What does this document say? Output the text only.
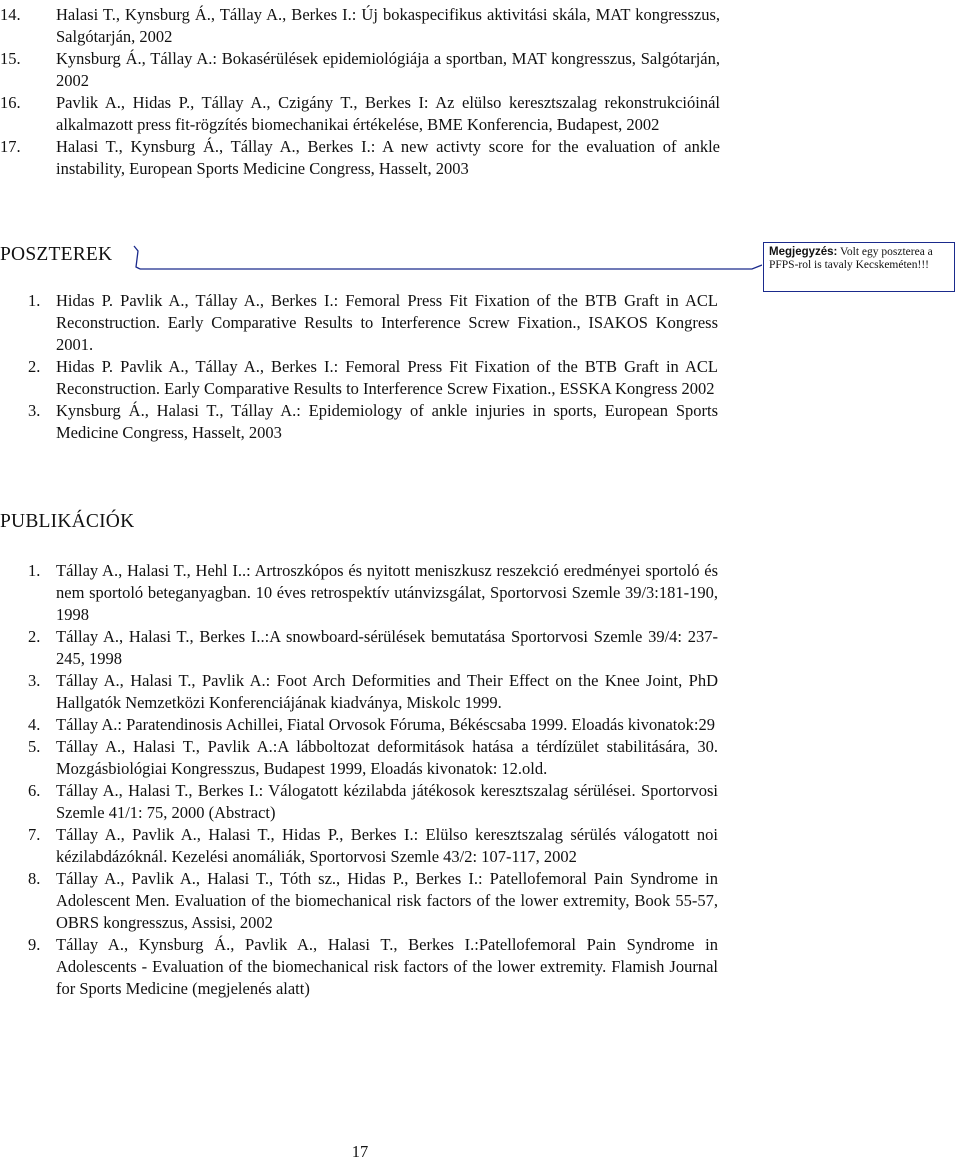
14. Halasi T., Kynsburg Á., Tállay A., Berkes I.: Új bokaspecifikus aktivitási skála, MAT kongresszus, Salgótarján, 2002
15. Kynsburg Á., Tállay A.: Bokasérülések epidemiológiája a sportban, MAT kongresszus, Salgótarján, 2002
16. Pavlik A., Hidas P., Tállay A., Czigány T., Berkes I: Az elülso keresztszalag rekonstrukcióinál alkalmazott press fit-rögzítés biomechanikai értékelése, BME Konferencia, Budapest, 2002
17. Halasi T., Kynsburg Á., Tállay A., Berkes I.: A new activty score for the evaluation of ankle instability, European Sports Medicine Congress, Hasselt, 2003
POSZTEREK	Megjegyzés: Volt egy poszterea a PFPS-rol is tavaly Kecskeméten!!!
1. Hidas P. Pavlik A., Tállay A., Berkes I.: Femoral Press Fit Fixation of the BTB Graft in ACL Reconstruction. Early Comparative Results to Interference Screw Fixation., ISAKOS Kongress 2001.
2. Hidas P. Pavlik A., Tállay A., Berkes I.: Femoral Press Fit Fixation of the BTB Graft in ACL Reconstruction. Early Comparative Results to Interference Screw Fixation., ESSKA Kongress 2002
3. Kynsburg Á., Halasi T., Tállay A.: Epidemiology of ankle injuries in sports, European Sports Medicine Congress, Hasselt, 2003
PUBLIKÁCIÓK
1. Tállay A., Halasi T., Hehl I..: Artroszkópos és nyitott meniszkusz reszekció eredményei sportoló és nem sportoló beteganyagban. 10 éves retrospektív utánvizsgálat, Sportorvosi Szemle 39/3:181-190, 1998
2. Tállay A., Halasi T., Berkes I..:A snowboard-sérülések bemutatása Sportorvosi Szemle 39/4: 237-245, 1998
3. Tállay A., Halasi T., Pavlik A.: Foot Arch Deformities and Their Effect on the Knee Joint, PhD Hallgatók Nemzetközi Konferenciájának kiadványa, Miskolc 1999.
4. Tállay A.: Paratendinosis Achillei, Fiatal Orvosok Fóruma, Békéscsaba 1999. Eloadás kivonatok:29
5. Tállay A., Halasi T., Pavlik A.:A lábboltozat deformitások hatása a térdízület stabilitására, 30. Mozgásbiológiai Kongresszus, Budapest 1999, Eloadás kivonatok: 12.old.
6. Tállay A., Halasi T., Berkes I.: Válogatott kézilabda játékosok keresztszalag sérülései. Sportorvosi Szemle 41/1: 75, 2000 (Abstract)
7. Tállay A., Pavlik A., Halasi T., Hidas P., Berkes I.: Elülso keresztszalag sérülés válogatott noi kézilabdázóknál. Kezelési anomáliák, Sportorvosi Szemle 43/2: 107-117, 2002
8. Tállay A., Pavlik A., Halasi T., Tóth sz., Hidas P., Berkes I.: Patellofemoral Pain Syndrome in Adolescent Men. Evaluation of the biomechanical risk factors of the lower extremity, Book 55-57, OBRS kongresszus, Assisi, 2002
9. Tállay A., Kynsburg Á., Pavlik A., Halasi T., Berkes I.:Patellofemoral Pain Syndrome in Adolescents - Evaluation of the biomechanical risk factors of the lower extremity. Flamish Journal for Sports Medicine (megjelenés alatt)
17
